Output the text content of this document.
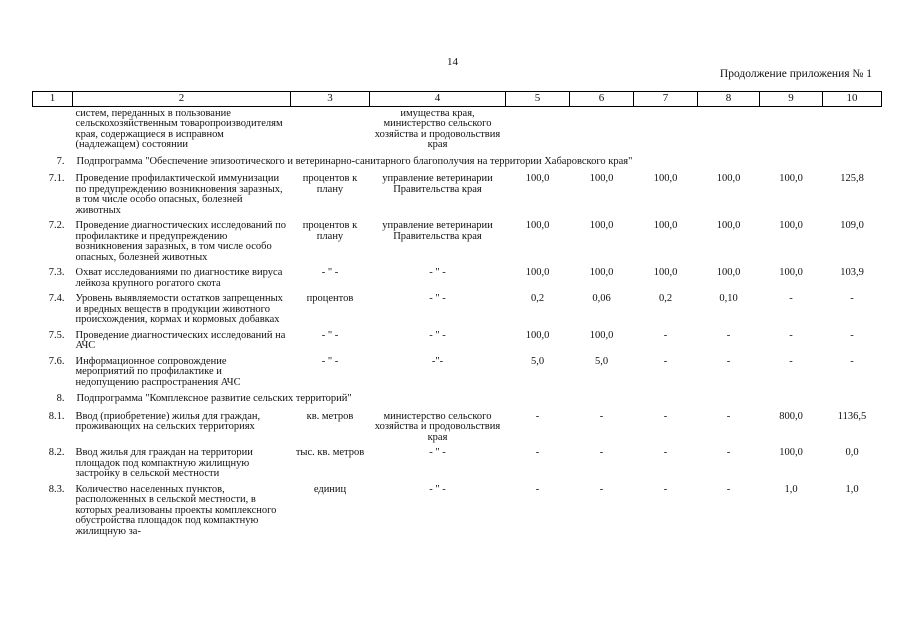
14
Продолжение приложения № 1
1	2	3	4	5	6	7	8	9	10
	систем, переданных в пользование сельскохозяйственным товаропроизводителям края, содержащиеся в исправном (надлежащем) состоянии		имущества края, министерство сельского хозяйства и продовольствия края						
7.	Подпрограмма "Обеспечение эпизоотического и ветеринарно-санитарного благополучия на территории Хабаровского края"								
7.1.	Проведение профилактической иммунизации по предупреждению возникновения заразных, в том числе особо опасных, болезней животных	процентов к плану	управление ветеринарии Правительства края	100,0	100,0	100,0	100,0	100,0	125,8
7.2.	Проведение диагностических исследований по профилактике и предупреждению возникновения заразных, в том числе особо опасных, болезней животных	процентов к плану	управление ветеринарии Правительства края	100,0	100,0	100,0	100,0	100,0	109,0
7.3.	Охват исследованиями по диагностике вируса лейкоза крупного рогатого скота	- " -	- " -	100,0	100,0	100,0	100,0	100,0	103,9
7.4.	Уровень выявляемости остатков запрещенных и вредных веществ в продукции животного происхождения, кормах и кормовых добавках	процентов	- " -	0,2	0,06	0,2	0,10	-	-
7.5.	Проведение диагностических исследований на АЧС	- " -	- " -	100,0	100,0	-	-	-	-
7.6.	Информационное сопровождение мероприятий по профилактике и недопущению распространения АЧС	- " -	-"-	5,0	5,0	-	-	-	-
8.	Подпрограмма "Комплексное развитие сельских территорий"								
8.1.	Ввод (приобретение) жилья для граждан, проживающих на сельских территориях	кв. метров	министерство сельского хозяйства и продовольствия края	-	-	-	-	800,0	1136,5
8.2.	Ввод жилья для граждан на территории площадок под компактную жилищную застройку в сельской местности	тыс. кв. метров	- " -	-	-	-	-	100,0	0,0
8.3.	Количество населенных пунктов, расположенных в сельской местности, в которых реализованы проекты комплексного обустройства площадок под компактную жилищную за-	единиц	- " -	-	-	-	-	1,0	1,0
